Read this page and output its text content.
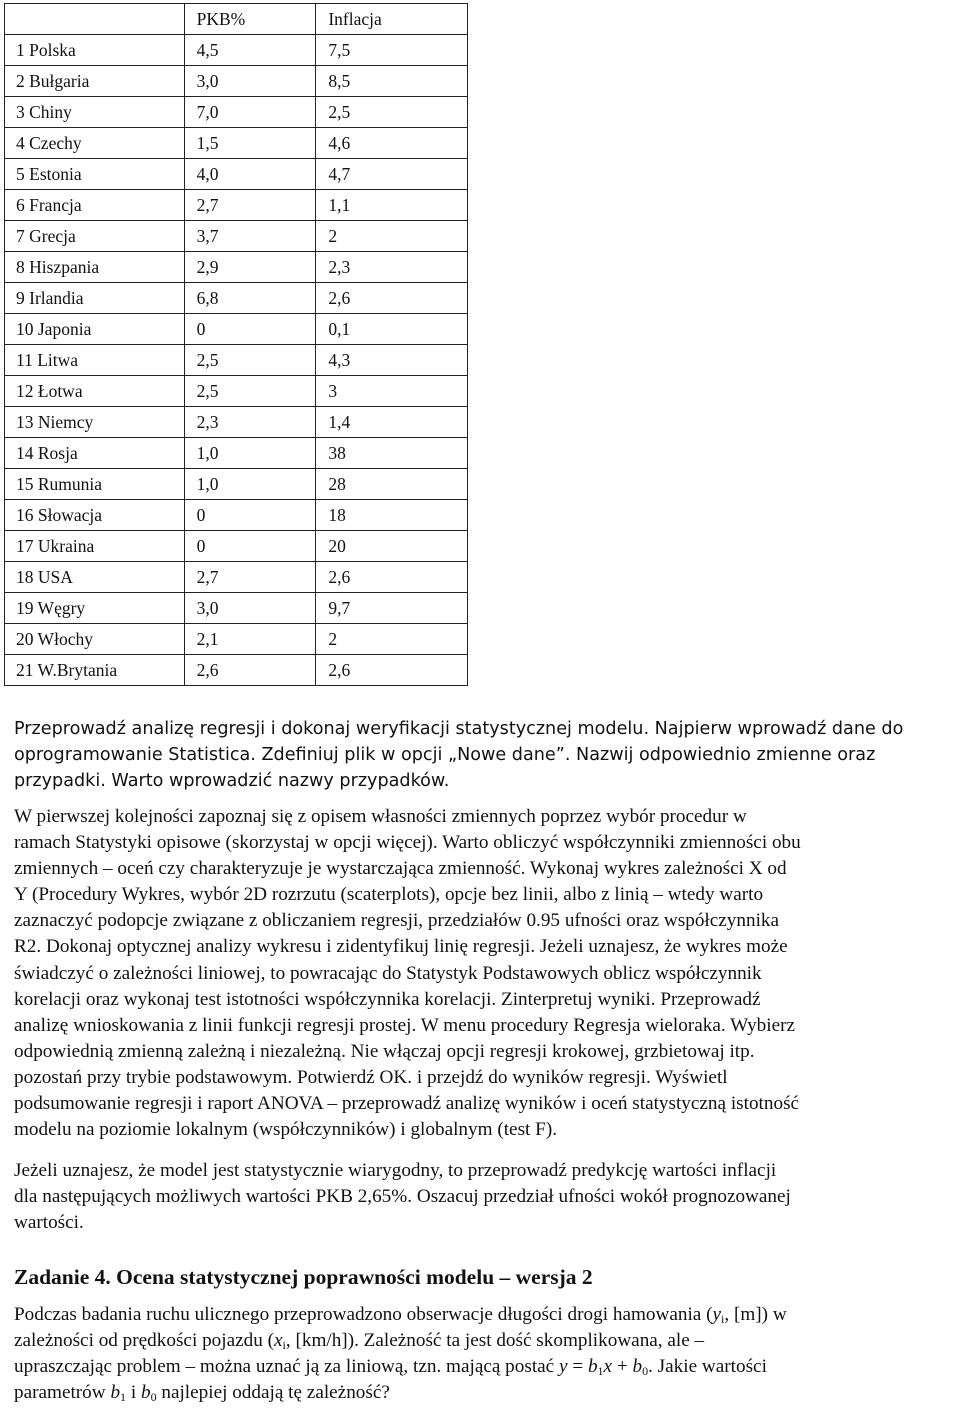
	PKB%	Inflacja
1 Polska	4,5	7,5
2 Bułgaria	3,0	8,5
3 Chiny	7,0	2,5
4 Czechy	1,5	4,6
5 Estonia	4,0	4,7
6 Francja	2,7	1,1
7 Grecja	3,7	2
8 Hiszpania	2,9	2,3
9 Irlandia	6,8	2,6
10 Japonia	0	0,1
11 Litwa	2,5	4,3
12 Łotwa	2,5	3
13 Niemcy	2,3	1,4
14 Rosja	1,0	38
15 Rumunia	1,0	28
16 Słowacja	0	18
17 Ukraina	0	20
18 USA	2,7	2,6
19 Węgry	3,0	9,7
20 Włochy	2,1	2
21 W.Brytania	2,6	2,6

Przeprowadź analizę regresji i dokonaj weryfikacji statystycznej modelu. Najpierw wprowadź dane do
oprogramowanie Statistica. Zdefiniuj plik w opcji „Nowe dane”. Nazwij odpowiednio zmienne oraz
przypadki. Warto wprowadzić nazwy przypadków.

W pierwszej kolejności zapoznaj się z opisem własności zmiennych poprzez wybór procedur w
ramach Statystyki opisowe (skorzystaj w opcji więcej). Warto obliczyć współczynniki zmienności obu
zmiennych – oceń czy charakteryzuje je wystarczająca zmienność. Wykonaj wykres zależności X od
Y (Procedury Wykres, wybór 2D rozrzutu (scaterplots), opcje bez linii, albo z linią – wtedy warto
zaznaczyć podopcje związane z obliczaniem regresji, przedziałów 0.95 ufności oraz współczynnika
R2. Dokonaj optycznej analizy wykresu i zidentyfikuj linię regresji. Jeżeli uznajesz, że wykres może
świadczyć o zależności liniowej, to powracając do Statystyk Podstawowych oblicz współczynnik
korelacji oraz wykonaj test istotności współczynnika korelacji. Zinterpretuj wyniki. Przeprowadź
analizę wnioskowania z linii funkcji regresji prostej. W menu procedury Regresja wieloraka. Wybierz
odpowiednią zmienną zależną i niezależną. Nie włączaj opcji regresji krokowej, grzbietowaj itp.
pozostań przy trybie podstawowym. Potwierdź OK. i przejdź do wyników regresji. Wyświetl
podsumowanie regresji i raport ANOVA – przeprowadź analizę wyników i oceń statystyczną istotność
modelu na poziomie lokalnym (współczynników) i globalnym (test F).

Jeżeli uznajesz, że model jest statystycznie wiarygodny, to przeprowadź predykcję wartości inflacji
dla następujących możliwych wartości PKB 2,65%. Oszacuj przedział ufności wokół prognozowanej
wartości.

Zadanie 4. Ocena statystycznej poprawności modelu – wersja 2

Podczas badania ruchu ulicznego przeprowadzono obserwacje długości drogi hamowania ($y_i$, [m]) w
zależności od prędkości pojazdu ($x_i$, [km/h]). Zależność ta jest dość skomplikowana, ale –
upraszczając problem – można uznać ją za liniową, tzn. mającą postać $y = b_1x + b_0$. Jakie wartości
parametrów $b_1$ i $b_0$ najlepiej oddają tę zależność?
